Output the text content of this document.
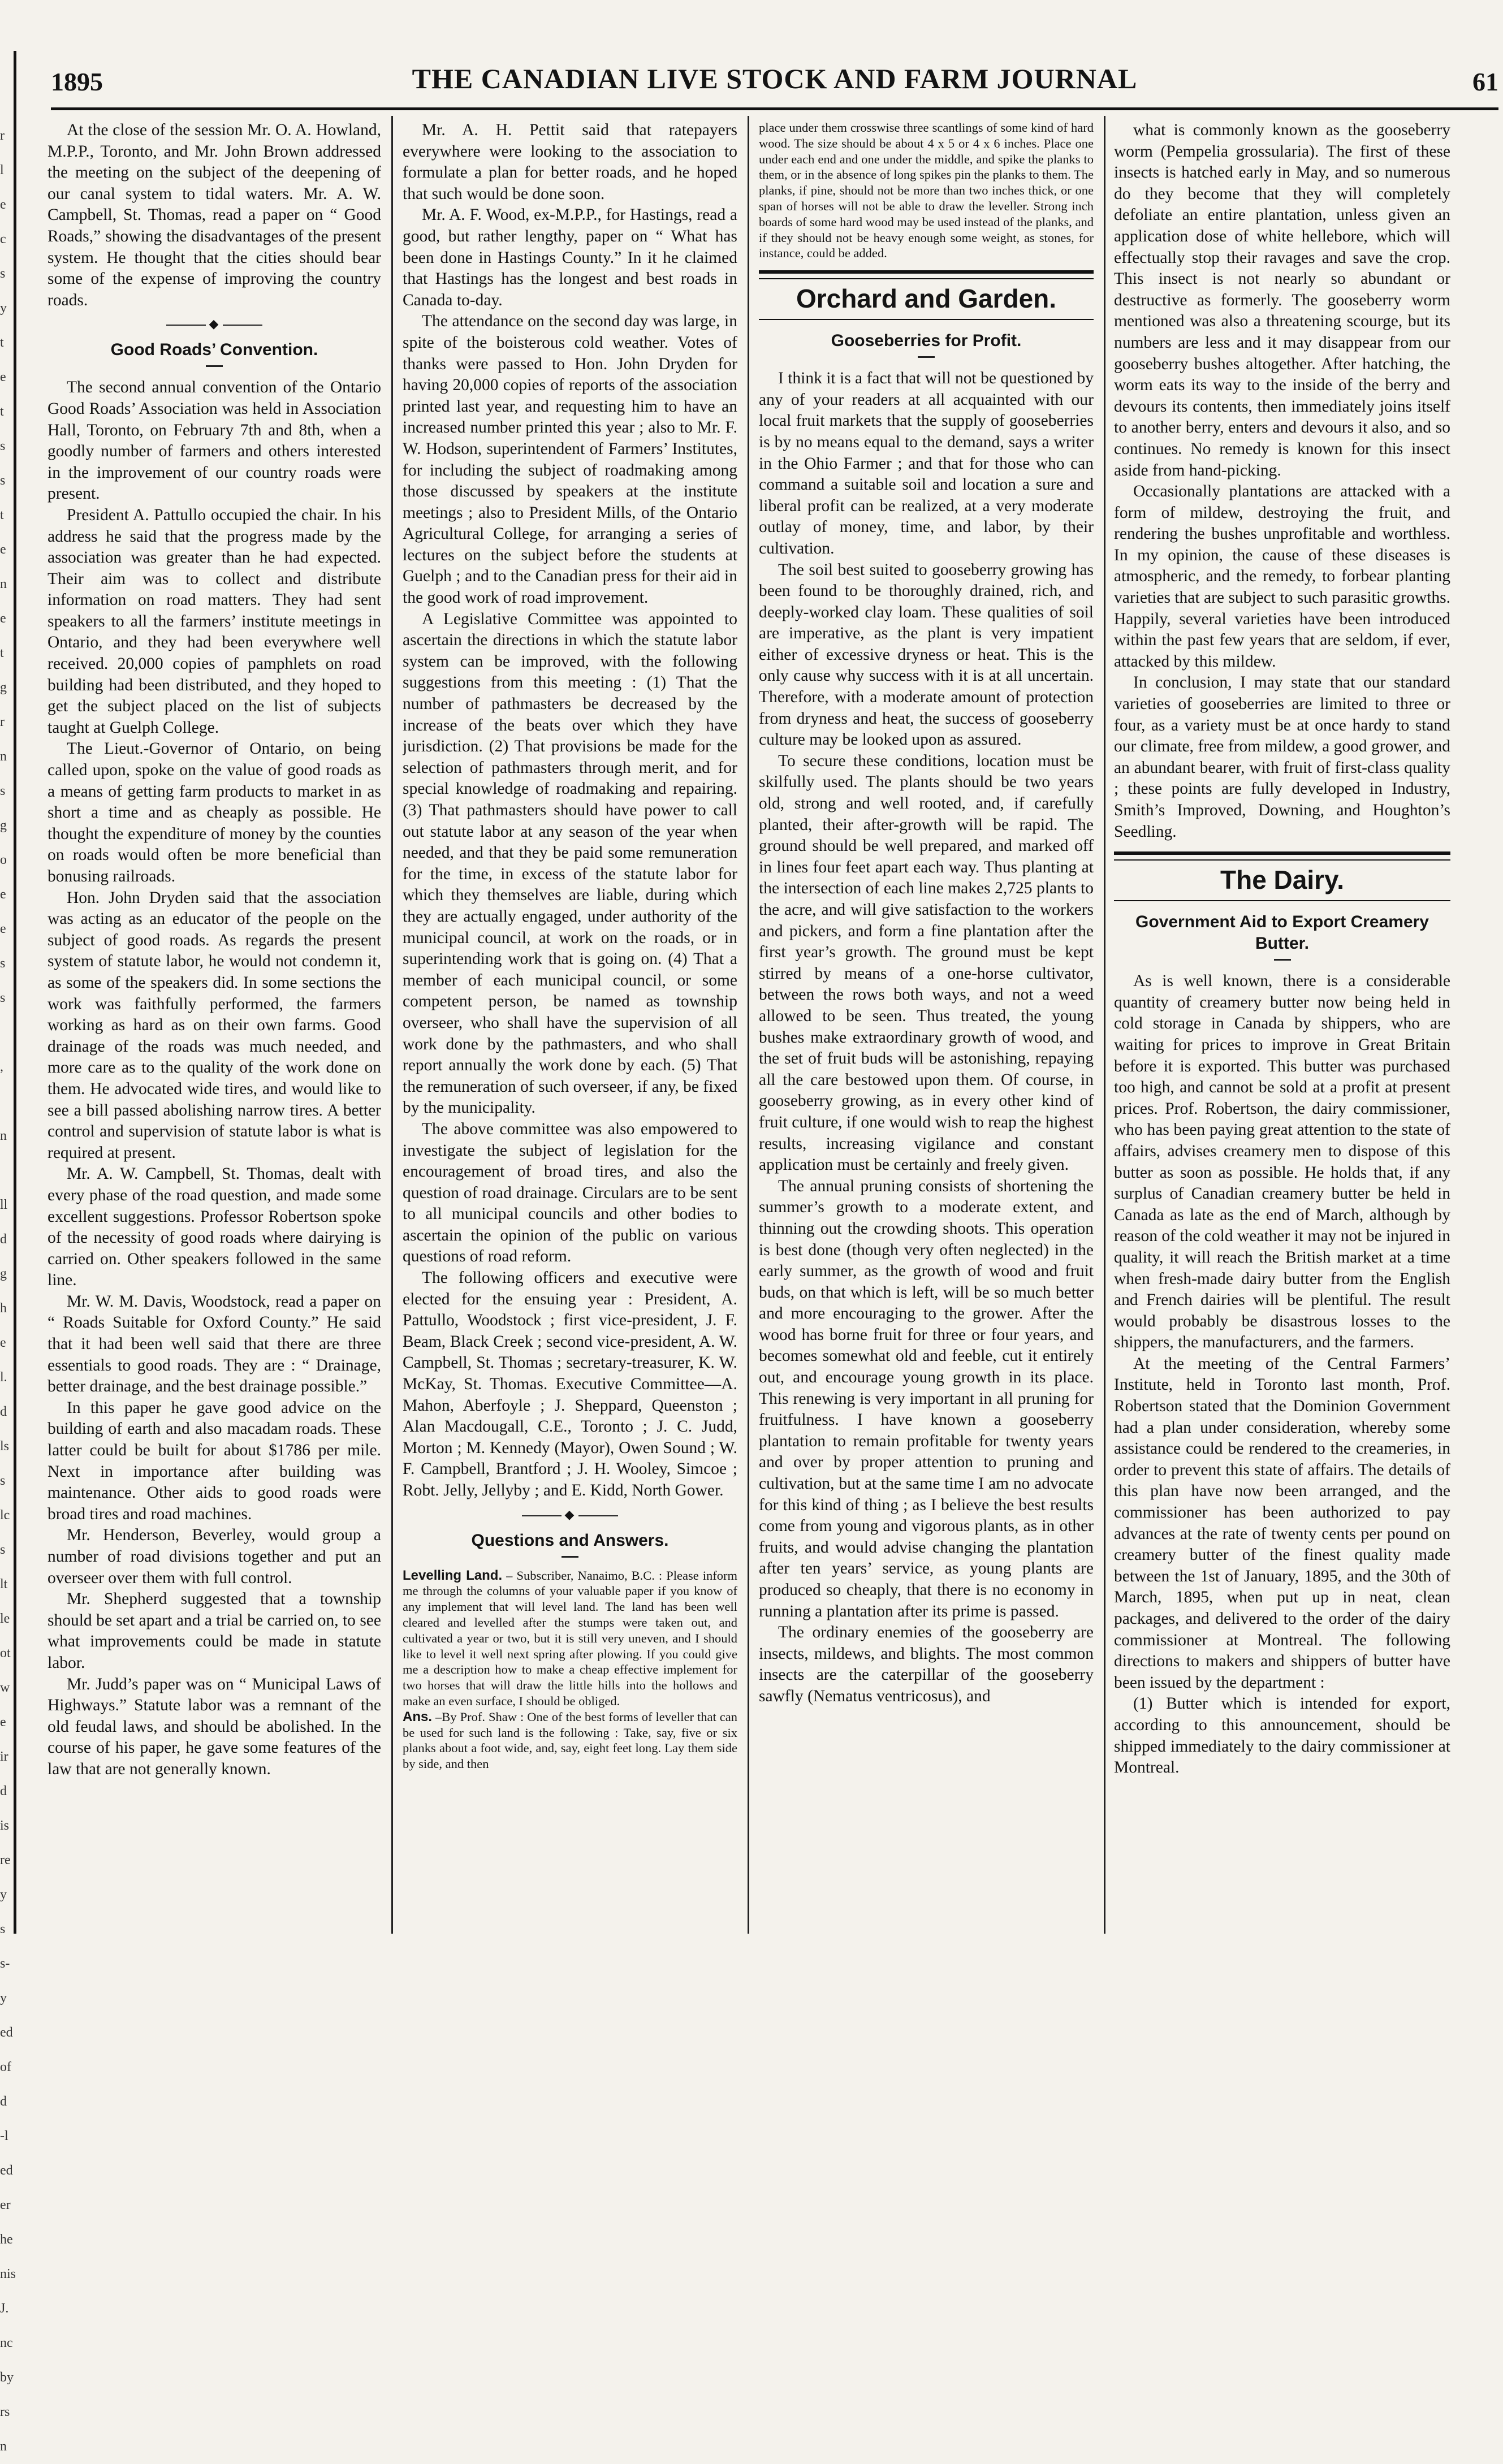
r
l
e
c
s
y
t
e
t
s
s
t
e
n
e
t
g
r
n
s
g
o
e
e
s
s

,

n

ll
d
g
h
e
l.
d
ls
s
lc
s
lt
le
ot
w
e
ir
d
is
re
y
s
s-
y
ed
of
d
-l
ed
er
he
nis
J.
nc
by
rs
n
1895	THE CANADIAN LIVE STOCK AND FARM JOURNAL	61

At the close of the session Mr. O. A. Howland, M.P.P., Toronto, and Mr. John Brown addressed the meeting on the subject of the deepening of our canal system to tidal waters. Mr. A. W. Campbell, St. Thomas, read a paper on “ Good Roads,” showing the disadvantages of the present system. He thought that the cities should bear some of the expense of improving the country roads.

◆
Good Roads’ Convention.

The second annual convention of the Ontario Good Roads’ Association was held in Association Hall, Toronto, on February 7th and 8th, when a goodly number of farmers and others interested in the improvement of our country roads were present.

President A. Pattullo occupied the chair. In his address he said that the progress made by the association was greater than he had expected. Their aim was to collect and distribute information on road matters. They had sent speakers to all the farmers’ institute meetings in Ontario, and they had been everywhere well received. 20,000 copies of pamphlets on road building had been distributed, and they hoped to get the subject placed on the list of subjects taught at Guelph College.

The Lieut.-Governor of Ontario, on being called upon, spoke on the value of good roads as a means of getting farm products to market in as short a time and as cheaply as possible. He thought the expenditure of money by the counties on roads would often be more beneficial than bonusing railroads.

Hon. John Dryden said that the association was acting as an educator of the people on the subject of good roads. As regards the present system of statute labor, he would not condemn it, as some of the speakers did. In some sections the work was faithfully performed, the farmers working as hard as on their own farms. Good drainage of the roads was much needed, and more care as to the quality of the work done on them. He advocated wide tires, and would like to see a bill passed abolishing narrow tires. A better control and supervision of statute labor is what is required at present.

Mr. A. W. Campbell, St. Thomas, dealt with every phase of the road question, and made some excellent suggestions. Professor Robertson spoke of the necessity of good roads where dairying is carried on. Other speakers followed in the same line.

Mr. W. M. Davis, Woodstock, read a paper on “ Roads Suitable for Oxford County.” He said that it had been well said that there are three essentials to good roads. They are : “ Drainage, better drainage, and the best drainage possible.”

In this paper he gave good advice on the building of earth and also macadam roads. These latter could be built for about $1786 per mile. Next in importance after building was maintenance. Other aids to good roads were broad tires and road machines.

Mr. Henderson, Beverley, would group a number of road divisions together and put an overseer over them with full control.

Mr. Shepherd suggested that a township should be set apart and a trial be carried on, to see what improvements could be made in statute labor.

Mr. Judd’s paper was on “ Municipal Laws of Highways.” Statute labor was a remnant of the old feudal laws, and should be abolished. In the course of his paper, he gave some features of the law that are not generally known.

Mr. A. H. Pettit said that ratepayers everywhere were looking to the association to formulate a plan for better roads, and he hoped that such would be done soon.

Mr. A. F. Wood, ex-M.P.P., for Hastings, read a good, but rather lengthy, paper on “ What has been done in Hastings County.” In it he claimed that Hastings has the longest and best roads in Canada to-day.

The attendance on the second day was large, in spite of the boisterous cold weather. Votes of thanks were passed to Hon. John Dryden for having 20,000 copies of reports of the association printed last year, and requesting him to have an increased number printed this year ; also to Mr. F. W. Hodson, superintendent of Farmers’ Institutes, for including the subject of roadmaking among those discussed by speakers at the institute meetings ; also to President Mills, of the Ontario Agricultural College, for arranging a series of lectures on the subject before the students at Guelph ; and to the Canadian press for their aid in the good work of road improvement.

A Legislative Committee was appointed to ascertain the directions in which the statute labor system can be improved, with the following suggestions from this meeting : (1) That the number of pathmasters be decreased by the increase of the beats over which they have jurisdiction. (2) That provisions be made for the selection of pathmasters through merit, and for special knowledge of roadmaking and repairing. (3) That pathmasters should have power to call out statute labor at any season of the year when needed, and that they be paid some remuneration for the time, in excess of the statute labor for which they themselves are liable, during which they are actually engaged, under authority of the municipal council, at work on the roads, or in superintending work that is going on. (4) That a member of each municipal council, or some competent person, be named as township overseer, who shall have the supervision of all work done by the pathmasters, and who shall report annually the work done by each. (5) That the remuneration of such overseer, if any, be fixed by the municipality.

The above committee was also empowered to investigate the subject of legislation for the encouragement of broad tires, and also the question of road drainage. Circulars are to be sent to all municipal councils and other bodies to ascertain the opinion of the public on various questions of road reform.

The following officers and executive were elected for the ensuing year : President, A. Pattullo, Woodstock ; first vice-president, J. F. Beam, Black Creek ; second vice-president, A. W. Campbell, St. Thomas ; secretary-treasurer, K. W. McKay, St. Thomas. Executive Committee—A. Mahon, Aberfoyle ; J. Sheppard, Queenston ; Alan Macdougall, C.E., Toronto ; J. C. Judd, Morton ; M. Kennedy (Mayor), Owen Sound ; W. F. Campbell, Brantford ; J. H. Wooley, Simcoe ; Robt. Jelly, Jellyby ; and E. Kidd, North Gower.

◆
Questions and Answers.

Levelling Land. – Subscriber, Nanaimo, B.C. : Please inform me through the columns of your valuable paper if you know of any implement that will level land. The land has been well cleared and levelled after the stumps were taken out, and cultivated a year or two, but it is still very uneven, and I should like to level it well next spring after plowing. If you could give me a description how to make a cheap effective implement for two horses that will draw the little hills into the hollows and make an even surface, I should be obliged.

Ans. –By Prof. Shaw : One of the best forms of leveller that can be used for such land is the following : Take, say, five or six planks about a foot wide, and, say, eight feet long. Lay them side by side, and then

place under them crosswise three scantlings of some kind of hard wood. The size should be about 4 x 5 or 4 x 6 inches. Place one under each end and one under the middle, and spike the planks to them, or in the absence of long spikes pin the planks to them. The planks, if pine, should not be more than two inches thick, or one span of horses will not be able to draw the leveller. Strong inch boards of some hard wood may be used instead of the planks, and if they should not be heavy enough some weight, as stones, for instance, could be added.

Orchard and Garden.
Gooseberries for Profit.

I think it is a fact that will not be questioned by any of your readers at all acquainted with our local fruit markets that the supply of gooseberries is by no means equal to the demand, says a writer in the Ohio Farmer ; and that for those who can command a suitable soil and location a sure and liberal profit can be realized, at a very moderate outlay of money, time, and labor, by their cultivation.

The soil best suited to gooseberry growing has been found to be thoroughly drained, rich, and deeply-worked clay loam. These qualities of soil are imperative, as the plant is very impatient either of excessive dryness or heat. This is the only cause why success with it is at all uncertain. Therefore, with a moderate amount of protection from dryness and heat, the success of gooseberry culture may be looked upon as assured.

To secure these conditions, location must be skilfully used. The plants should be two years old, strong and well rooted, and, if carefully planted, their after-growth will be rapid. The ground should be well prepared, and marked off in lines four feet apart each way. Thus planting at the intersection of each line makes 2,725 plants to the acre, and will give satisfaction to the workers and pickers, and form a fine plantation after the first year’s growth. The ground must be kept stirred by means of a one-horse cultivator, between the rows both ways, and not a weed allowed to be seen. Thus treated, the young bushes make extraordinary growth of wood, and the set of fruit buds will be astonishing, repaying all the care bestowed upon them. Of course, in gooseberry growing, as in every other kind of fruit culture, if one would wish to reap the highest results, increasing vigilance and constant application must be certainly and freely given.

The annual pruning consists of shortening the summer’s growth to a moderate extent, and thinning out the crowding shoots. This operation is best done (though very often neglected) in the early summer, as the growth of wood and fruit buds, on that which is left, will be so much better and more encouraging to the grower. After the wood has borne fruit for three or four years, and becomes somewhat old and feeble, cut it entirely out, and encourage young growth in its place. This renewing is very important in all pruning for fruitfulness. I have known a gooseberry plantation to remain profitable for twenty years and over by proper attention to pruning and cultivation, but at the same time I am no advocate for this kind of thing ; as I believe the best results come from young and vigorous plants, as in other fruits, and would advise changing the plantation after ten years’ service, as young plants are produced so cheaply, that there is no economy in running a plantation after its prime is passed.

The ordinary enemies of the gooseberry are insects, mildews, and blights. The most common insects are the caterpillar of the gooseberry sawfly (Nematus ventricosus), and

what is commonly known as the gooseberry worm (Pempelia grossularia). The first of these insects is hatched early in May, and so numerous do they become that they will completely defoliate an entire plantation, unless given an application dose of white hellebore, which will effectually stop their ravages and save the crop. This insect is not nearly so abundant or destructive as formerly. The gooseberry worm mentioned was also a threatening scourge, but its numbers are less and it may disappear from our gooseberry bushes altogether. After hatching, the worm eats its way to the inside of the berry and devours its contents, then immediately joins itself to another berry, enters and devours it also, and so continues. No remedy is known for this insect aside from hand-picking.

Occasionally plantations are attacked with a form of mildew, destroying the fruit, and rendering the bushes unprofitable and worthless. In my opinion, the cause of these diseases is atmospheric, and the remedy, to forbear planting varieties that are subject to such parasitic growths. Happily, several varieties have been introduced within the past few years that are seldom, if ever, attacked by this mildew.

In conclusion, I may state that our standard varieties of gooseberries are limited to three or four, as a variety must be at once hardy to stand our climate, free from mildew, a good grower, and an abundant bearer, with fruit of first-class quality ; these points are fully developed in Industry, Smith’s Improved, Downing, and Houghton’s Seedling.

The Dairy.
Government Aid to Export Creamery Butter.

As is well known, there is a considerable quantity of creamery butter now being held in cold storage in Canada by shippers, who are waiting for prices to improve in Great Britain before it is exported. This butter was purchased too high, and cannot be sold at a profit at present prices. Prof. Robertson, the dairy commissioner, who has been paying great attention to the state of affairs, advises creamery men to dispose of this butter as soon as possible. He holds that, if any surplus of Canadian creamery butter be held in Canada as late as the end of March, although by reason of the cold weather it may not be injured in quality, it will reach the British market at a time when fresh-made dairy butter from the English and French dairies will be plentiful. The result would probably be disastrous losses to the shippers, the manufacturers, and the farmers.

At the meeting of the Central Farmers’ Institute, held in Toronto last month, Prof. Robertson stated that the Dominion Government had a plan under consideration, whereby some assistance could be rendered to the creameries, in order to prevent this state of affairs. The details of this plan have now been arranged, and the commissioner has been authorized to pay advances at the rate of twenty cents per pound on creamery butter of the finest quality made between the 1st of January, 1895, and the 30th of March, 1895, when put up in neat, clean packages, and delivered to the order of the dairy commissioner at Montreal. The following directions to makers and shippers of butter have been issued by the department :

(1) Butter which is intended for export, according to this announcement, should be shipped immediately to the dairy commissioner at Montreal.
